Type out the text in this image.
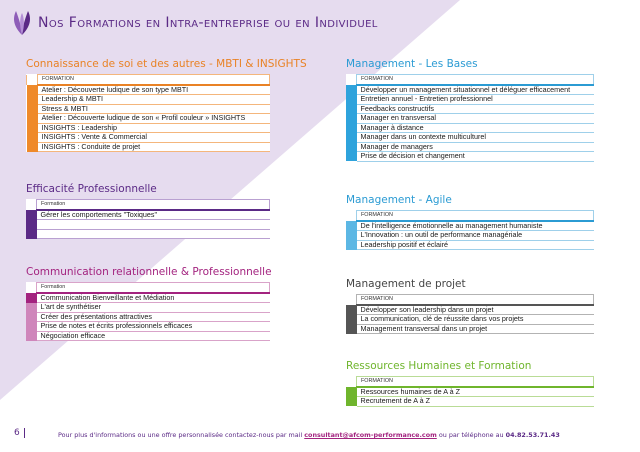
Nos Formations en Intra-entreprise ou en Individuel
Connaissance de soi et des autres - MBTI & INSIGHTS
	FORMATION
	Atelier : Découverte ludique de son type MBTI
	Leadership & MBTI
	Stress & MBTI
	Atelier : Découverte ludique de son « Profil couleur » INSIGHTS
	INSIGHTS : Leadership
	INSIGHTS : Vente & Commercial
	INSIGHTS : Conduite de projet
Efficacité Professionnelle
	Formation
	Gérer les comportements "Toxiques"

Communication relationnelle & Professionnelle
	Formation
	Communication Bienveillante et Médiation
	L'art de synthétiser
	Créer des présentations attractives
	Prise de notes et écrits professionnels efficaces
	Négociation efficace
Management - Les Bases
	FORMATION
	Développer un management situationnel et déléguer efficacement
	Entretien annuel - Entretien professionnel
	Feedbacks constructifs
	Manager en transversal
	Manager à distance
	Manager dans un contexte multiculturel
	Manager de managers
	Prise de décision et changement
Management - Agile
	FORMATION
	De l'intelligence émotionnelle au management humaniste
	L'Innovation : un outil de performance managériale
	Leadership positif et éclairé
Management de projet
	FORMATION
	Développer son leadership dans un projet
	La communication, clé de réussite dans vos projets
	Management transversal dans un projet
Ressources Humaines et Formation
	FORMATION
	Ressources humaines de A à Z
	Recrutement de A à Z
6	Pour plus d'informations ou une offre personnalisée contactez-nous par mail consultant@afcom-performance.com ou par téléphone au 04.82.53.71.43
